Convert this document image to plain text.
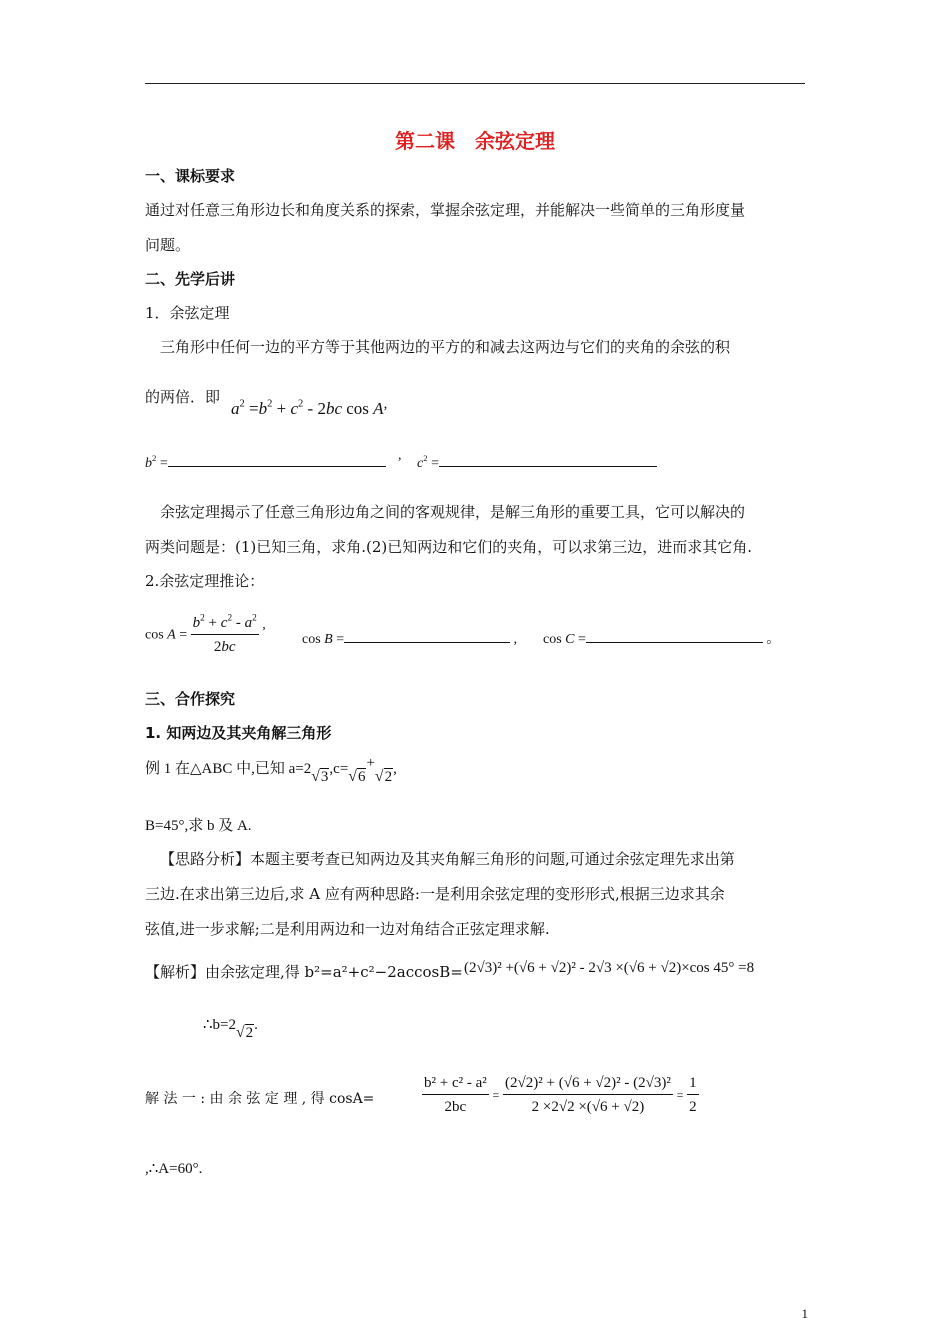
第二课　余弦定理
一、课标要求
通过对任意三角形边长和角度关系的探索，掌握余弦定理，并能解决一些简单的三角形度量
问题。
二、先学后讲
1．余弦定理
三角形中任何一边的平方等于其他两边的平方的和减去这两边与它们的夹角的余弦的积
的两倍．即
$a^2 =b^2 + c^2 - 2bc$ cos A,
$b^2$ =
,
$c^2$ =
余弦定理揭示了任意三角形边角之间的客观规律，是解三角形的重要工具，它可以解决的
两类问题是：(1)已知三角，求角.(2)已知两边和它们的夹角，可以求第三边，进而求其它角.
2.余弦定理推论：
$\cos A = \frac{b^2 + c^2 - a^2}{2bc}$ ,
cos B =	, cos C =	。
三、合作探究
1. 知两边及其夹角解三角形
例 1 在△ABC 中,已知 a=2√3,c=√6+√2,
B=45°,求 b 及 A.
【思路分析】本题主要考查已知两边及其夹角解三角形的问题,可通过余弦定理先求出第
三边.在求出第三边后,求 A 应有两种思路:一是利用余弦定理的变形形式,根据三边求其余
弦值,进一步求解;二是利用两边和一边对角结合正弦定理求解.
【解析】由余弦定理,得 b²=a²+c²−2accosB= (2√3)² +(√6 + √2)² - 2√3 ×(√6 + √2)×cos 45° =8
∴b=2√2.
解 法 一 : 由 余 弦 定 理 , 得 cosA=	$\frac{\text{b² + c² - a²}}{2bc} = \frac{\text{(2√2)² + (√6 + √2)² - (2√3)²}}{2 \times 2√2 \times(√6 + √2)} = \frac{1}{2}$
,∴A=60°.
1
